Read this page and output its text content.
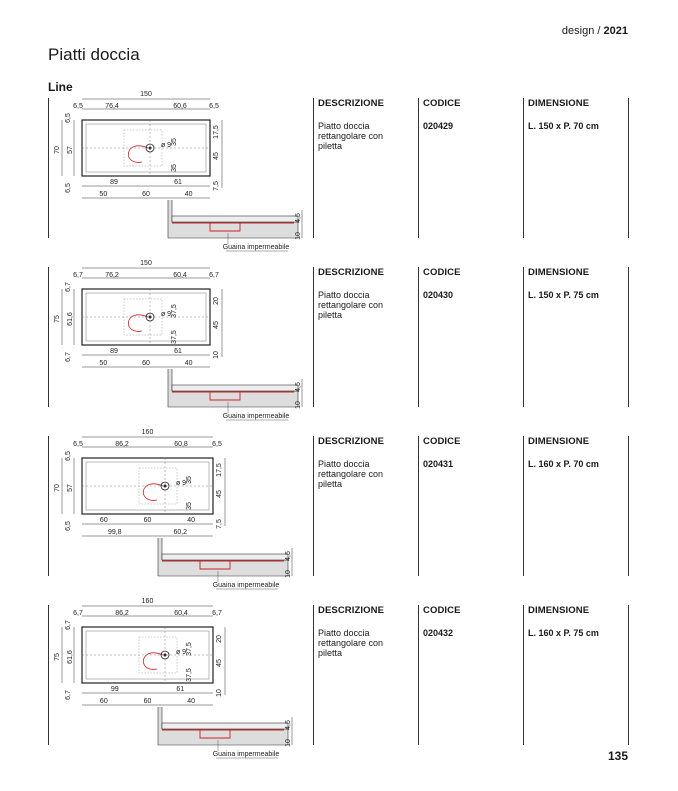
design / 2021
Piatti doccia
Line
DESCRIZIONE
Piatto doccia rettangolare con piletta
CODICE
020429
DIMENSIONE
L. 150 x P. 70 cm
150
6,5	76,4	60,6	6,5
ø 9 35
35
6,5
70 57
6,5
17,5
45
7,5
89	61
50	60	40
4,5
10
Guaina impermeabile
DESCRIZIONE
Piatto doccia rettangolare con piletta
CODICE
020430
DIMENSIONE
L. 150 x P. 75 cm
150
6,7	76,2	60,4	6,7
ø 9 37,5
37,5
6,7
75 61,6
6,7
20
45
10
89	61
50	60	40
4,5
10
Guaina impermeabile
DESCRIZIONE
Piatto doccia rettangolare con piletta
CODICE
020431
DIMENSIONE
L. 160 x P. 70 cm
160
6,5	86,2	60,8	6,5
ø 9 35
35
6,5
70 57
6,5
17,5
45
7,5
60	60	40
99,8	60,2
4,5
10
Guaina impermeabile
DESCRIZIONE
Piatto doccia rettangolare con piletta
CODICE
020432
DIMENSIONE
L. 160 x P. 75 cm
160
6,7	86,2	60,4	6,7
ø 9 37,5
37,5
6,7
75 61,6
6,7
20
45
10
99	61
60	60	40
4,5
10
Guaina impermeabile	135
